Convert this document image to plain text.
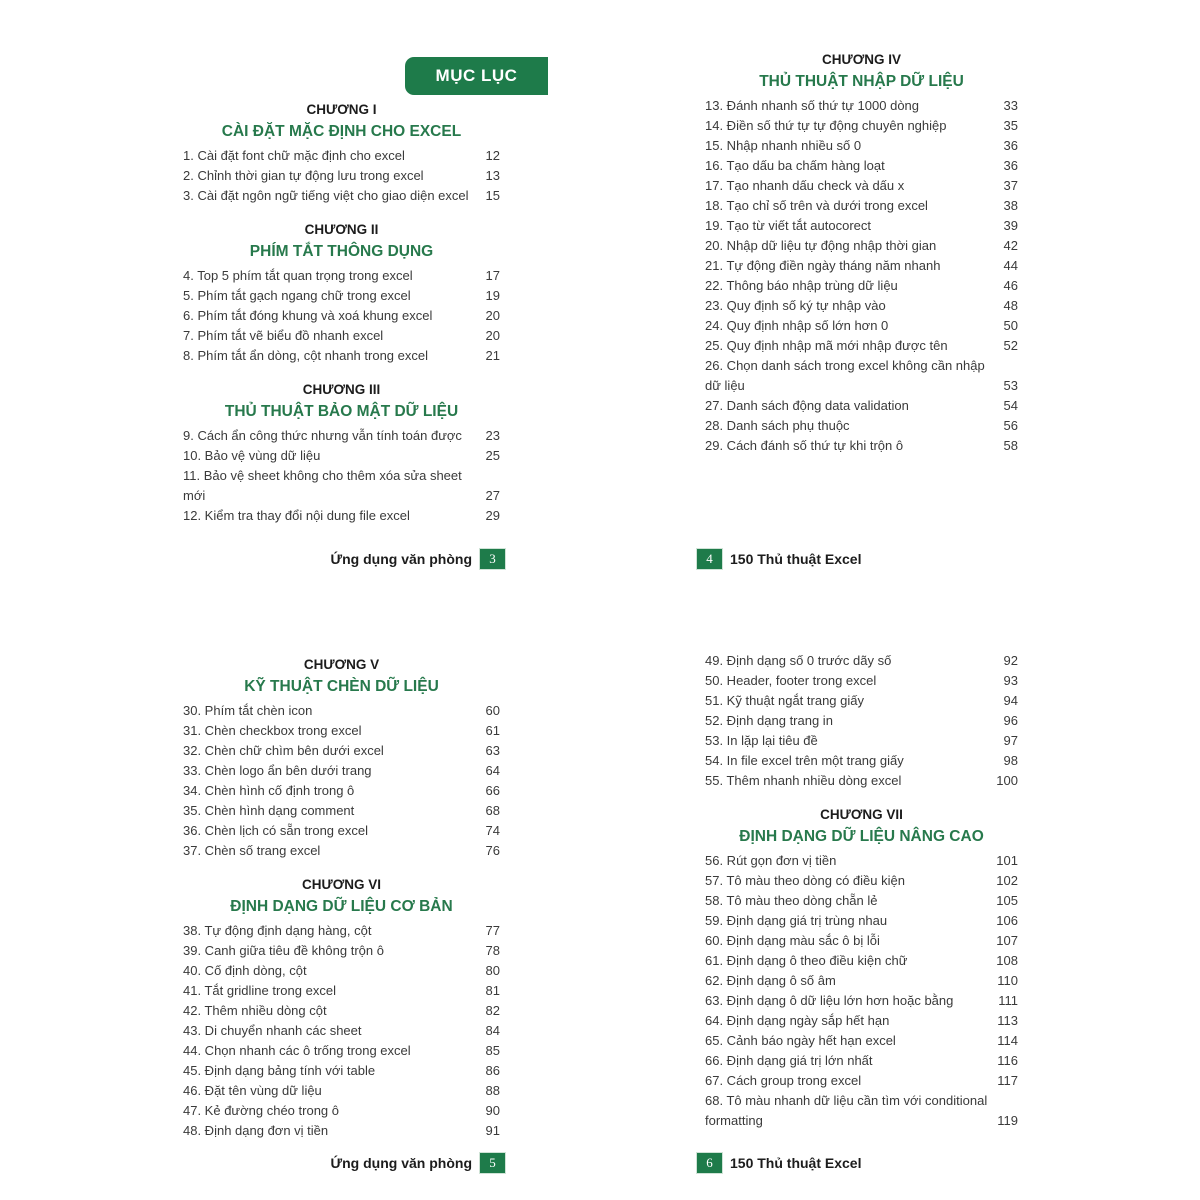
MỤC LỤC
CHƯƠNG I
CÀI ĐẶT MẶC ĐỊNH CHO EXCEL
1. Cài đặt font chữ mặc định cho excel	12
2. Chỉnh thời gian tự động lưu trong excel	13
3. Cài đặt ngôn ngữ tiếng việt cho giao diện excel	15
CHƯƠNG II
PHÍM TẮT THÔNG DỤNG
4. Top 5 phím tắt quan trọng trong excel	17
5. Phím tắt gạch ngang chữ trong excel	19
6. Phím tắt đóng khung và xoá khung excel	20
7. Phím tắt vẽ biểu đồ nhanh excel	20
8. Phím tắt ẩn dòng, cột nhanh trong excel	21
CHƯƠNG III
THỦ THUẬT BẢO MẬT DỮ LIỆU
9. Cách ẩn công thức nhưng vẫn tính toán được	23
10. Bảo vệ vùng dữ liệu	25
11. Bảo vệ sheet không cho thêm xóa sửa sheet mới	27
12. Kiểm tra thay đổi nội dung file excel	29
CHƯƠNG IV
THỦ THUẬT NHẬP DỮ LIỆU
13. Đánh nhanh số thứ tự 1000 dòng	33
14. Điền số thứ tự tự động chuyên nghiệp	35
15. Nhập nhanh nhiều số 0	36
16. Tạo dấu ba chấm hàng loạt	36
17. Tạo nhanh dấu check và dấu x	37
18. Tạo chỉ số trên và dưới trong excel	38
19. Tạo từ viết tắt autocorect	39
20. Nhập dữ liệu tự động nhập thời gian	42
21. Tự động điền ngày tháng năm nhanh	44
22. Thông báo nhập trùng dữ liệu	46
23. Quy định số ký tự nhập vào	48
24. Quy định nhập số lớn hơn 0	50
25. Quy định nhập mã mới nhập được tên	52
26. Chọn danh sách trong excel không cần nhập dữ liệu	53
27. Danh sách động data validation	54
28. Danh sách phụ thuộc	56
29. Cách đánh số thứ tự khi trộn ô	58
CHƯƠNG V
KỸ THUẬT CHÈN DỮ LIỆU
30. Phím tắt chèn icon	60
31. Chèn checkbox trong excel	61
32. Chèn chữ chìm bên dưới excel	63
33. Chèn logo ẩn bên dưới trang	64
34. Chèn hình cố định trong ô	66
35. Chèn hình dạng comment	68
36. Chèn lịch có sẵn trong excel	74
37. Chèn số trang excel	76
CHƯƠNG VI
ĐỊNH DẠNG DỮ LIỆU CƠ BẢN
38. Tự động định dạng hàng, cột	77
39. Canh giữa tiêu đề không trộn ô	78
40. Cố định dòng, cột	80
41. Tắt gridline trong excel	81
42. Thêm nhiều dòng cột	82
43. Di chuyển nhanh các sheet	84
44. Chọn nhanh các ô trống trong excel	85
45. Định dạng bảng tính với table	86
46. Đặt tên vùng dữ liệu	88
47. Kẻ đường chéo trong ô	90
48. Định dạng đơn vị tiền	91
49. Định dạng số 0 trước dãy số	92
50. Header, footer trong excel	93
51. Kỹ thuật ngắt trang giấy	94
52. Định dạng trang in	96
53. In lặp lại tiêu đề	97
54. In file excel trên một trang giấy	98
55. Thêm nhanh nhiều dòng excel	100
CHƯƠNG VII
ĐỊNH DẠNG DỮ LIỆU NÂNG CAO
56. Rút gọn đơn vị tiền	101
57. Tô màu theo dòng có điều kiện	102
58. Tô màu theo dòng chẵn lẻ	105
59. Định dạng giá trị trùng nhau	106
60. Định dạng màu sắc ô bị lỗi	107
61. Định dạng ô theo điều kiện chữ	108
62. Định dạng ô số âm	110
63. Định dạng ô dữ liệu lớn hơn hoặc bằng	111
64. Định dạng ngày sắp hết hạn	113
65. Cảnh báo ngày hết hạn excel	114
66. Định dạng giá trị lớn nhất	116
67. Cách group trong excel	117
68. Tô màu nhanh dữ liệu cần tìm với conditional formatting	119
Ứng dụng văn phòng	3	4	150 Thủ thuật Excel
Ứng dụng văn phòng	5	6	150 Thủ thuật Excel
